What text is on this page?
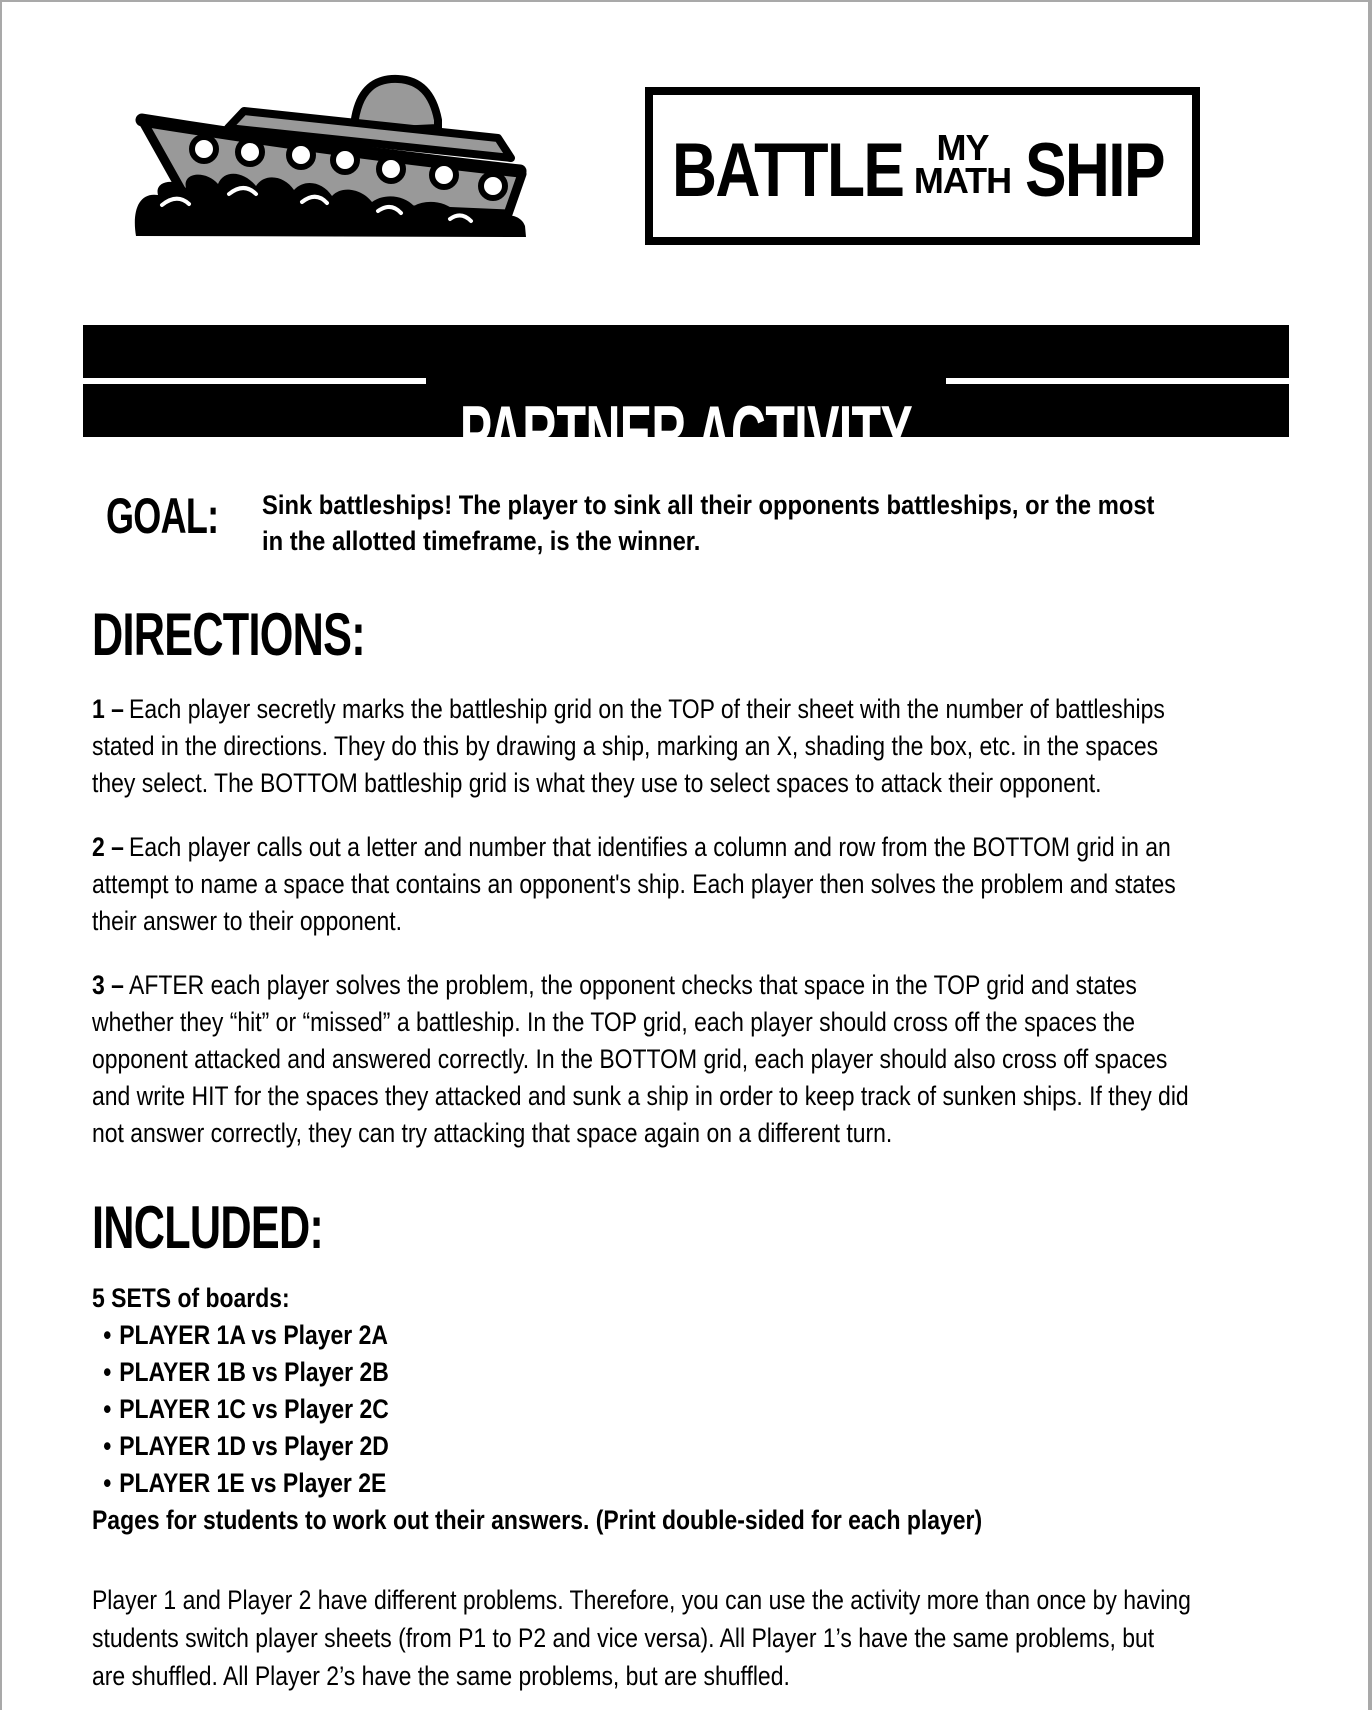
BATTLE MY
MATH SHIP
PARTNER ACTIVITY
GOAL:	Sink battleships! The player to sink all their opponents battleships, or the most in the allotted timeframe, is the winner.
DIRECTIONS:

1 – Each player secretly marks the battleship grid on the TOP of their sheet with the number of battleships stated in the directions. They do this by drawing a ship, marking an X, shading the box, etc. in the spaces they select. The BOTTOM battleship grid is what they use to select spaces to attack their opponent.

2 – Each player calls out a letter and number that identifies a column and row from the BOTTOM grid in an attempt to name a space that contains an opponent's ship. Each player then solves the problem and states their answer to their opponent.

3 – AFTER each player solves the problem, the opponent checks that space in the TOP grid and states whether they “hit” or “missed” a battleship. In the TOP grid, each player should cross off the spaces the opponent attacked and answered correctly. In the BOTTOM grid, each player should also cross off spaces and write HIT for the spaces they attacked and sunk a ship in order to keep track of sunken ships. If they did not answer correctly, they can try attacking that space again on a different turn.

INCLUDED:
5 SETS of boards:
• PLAYER 1A vs Player 2A
• PLAYER 1B vs Player 2B
• PLAYER 1C vs Player 2C
• PLAYER 1D vs Player 2D
• PLAYER 1E vs Player 2E
Pages for students to work out their answers. (Print double-sided for each player)

Player 1 and Player 2 have different problems. Therefore, you can use the activity more than once by having students switch player sheets (from P1 to P2 and vice versa). All Player 1’s have the same problems, but are shuffled. All Player 2’s have the same problems, but are shuffled.
